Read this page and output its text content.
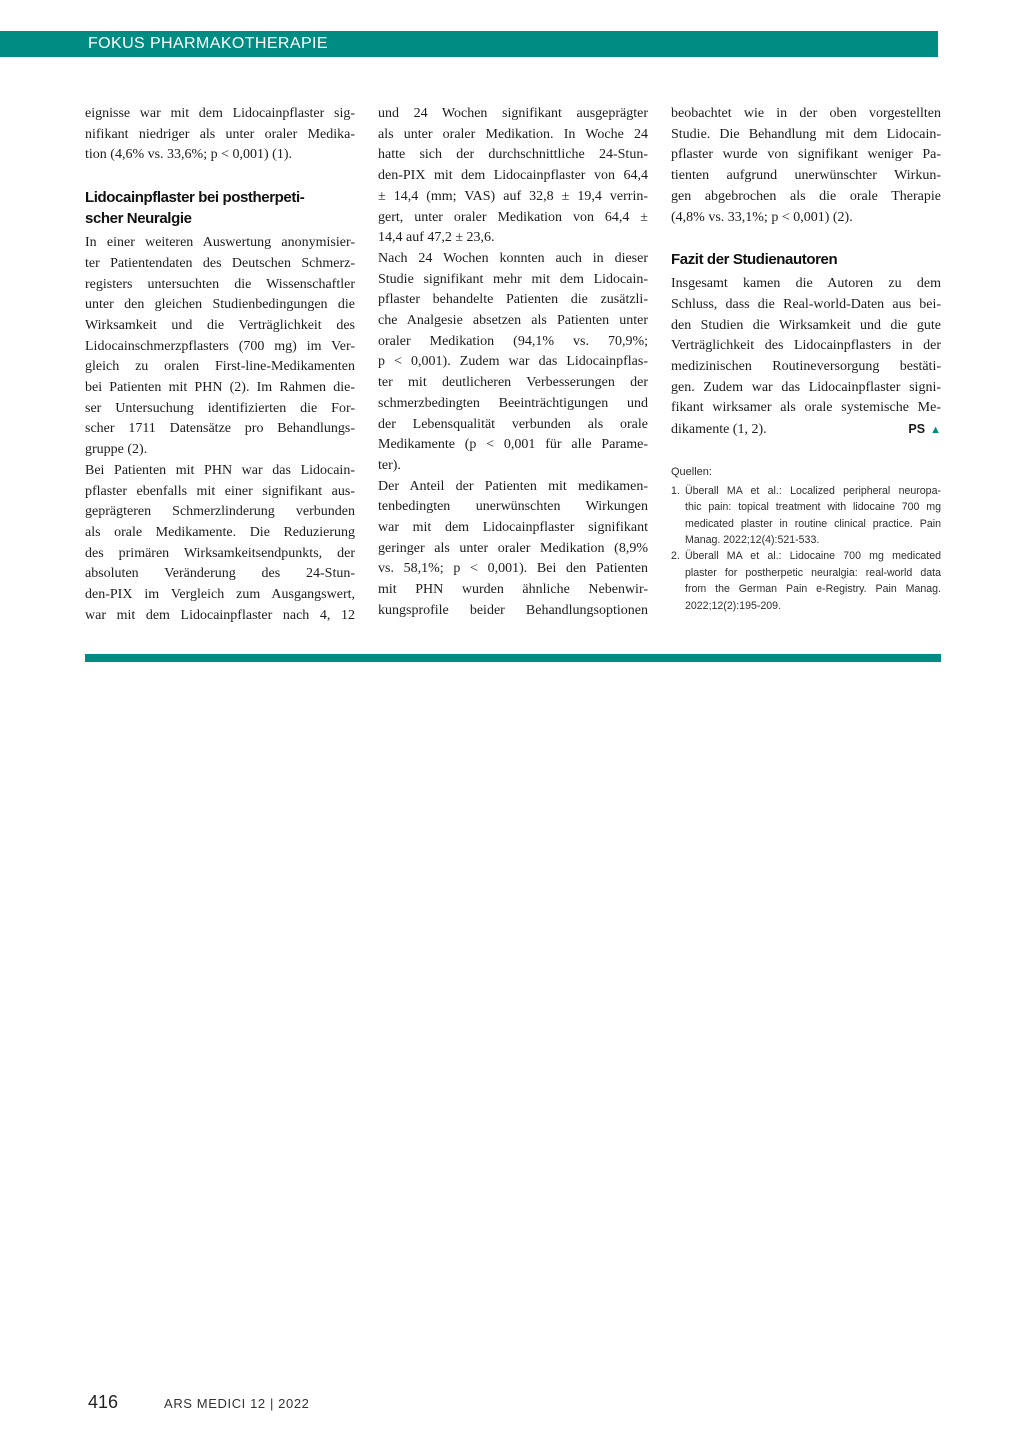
FOKUS PHARMAKOTHERAPIE
eignisse war mit dem Lidocainpflaster sig-
nifikant niedriger als unter oraler Medika-
tion (4,6% vs. 33,6%; p < 0,001) (1).
Lidocainpflaster bei postherpeti-
scher Neuralgie
In einer weiteren Auswertung anonymisier-
ter Patientendaten des Deutschen Schmerz-
registers untersuchten die Wissenschaftler
unter den gleichen Studienbedingungen die
Wirksamkeit und die Verträglichkeit des
Lidocainschmerzpflasters (700 mg) im Ver-
gleich zu oralen First-line-Medikamenten
bei Patienten mit PHN (2). Im Rahmen die-
ser Untersuchung identifizierten die For-
scher 1711 Datensätze pro Behandlungs-
gruppe (2).
Bei Patienten mit PHN war das Lidocain-
pflaster ebenfalls mit einer signifikant aus-
geprägteren Schmerzlinderung verbunden
als orale Medikamente. Die Reduzierung
des primären Wirksamkeitsendpunkts, der
absoluten Veränderung des 24-Stun-
den-PIX im Vergleich zum Ausgangswert,
war mit dem Lidocainpflaster nach 4, 12
und 24 Wochen signifikant ausgeprägter
als unter oraler Medikation. In Woche 24
hatte sich der durchschnittliche 24-Stun-
den-PIX mit dem Lidocainpflaster von 64,4
± 14,4 (mm; VAS) auf 32,8 ± 19,4 verrin-
gert, unter oraler Medikation von 64,4 ±
14,4 auf 47,2 ± 23,6.
Nach 24 Wochen konnten auch in dieser
Studie signifikant mehr mit dem Lidocain-
pflaster behandelte Patienten die zusätzli-
che Analgesie absetzen als Patienten unter
oraler Medikation (94,1% vs. 70,9%;
p < 0,001). Zudem war das Lidocainpflas-
ter mit deutlicheren Verbesserungen der
schmerzbedingten Beeinträchtigungen und
der Lebensqualität verbunden als orale
Medikamente (p < 0,001 für alle Parame-
ter).
Der Anteil der Patienten mit medikamen-
tenbedingten unerwünschten Wirkungen
war mit dem Lidocainpflaster signifikant
geringer als unter oraler Medikation (8,9%
vs. 58,1%; p < 0,001). Bei den Patienten
mit PHN wurden ähnliche Nebenwir-
kungsprofile beider Behandlungsoptionen
beobachtet wie in der oben vorgestellten
Studie. Die Behandlung mit dem Lidocain-
pflaster wurde von signifikant weniger Pa-
tienten aufgrund unerwünschter Wirkun-
gen abgebrochen als die orale Therapie
(4,8% vs. 33,1%; p < 0,001) (2).
Fazit der Studienautoren
Insgesamt kamen die Autoren zu dem
Schluss, dass die Real-world-Daten aus bei-
den Studien die Wirksamkeit und die gute
Verträglichkeit des Lidocainpflasters in der
medizinischen Routineversorgung bestäti-
gen. Zudem war das Lidocainpflaster signi-
fikant wirksamer als orale systemische Me-
dikamente (1, 2).	PS ▲
Quellen:
1. Überall MA et al.: Localized peripheral neuropa-
thic pain: topical treatment with lidocaine 700 mg
medicated plaster in routine clinical practice. Pain
Manag. 2022;12(4):521-533.
2. Überall MA et al.: Lidocaine 700 mg medicated
plaster for postherpetic neuralgia: real-world data
from the German Pain e-Registry. Pain Manag.
2022;12(2):195-209.
416	ARS MEDICI 12 | 2022
